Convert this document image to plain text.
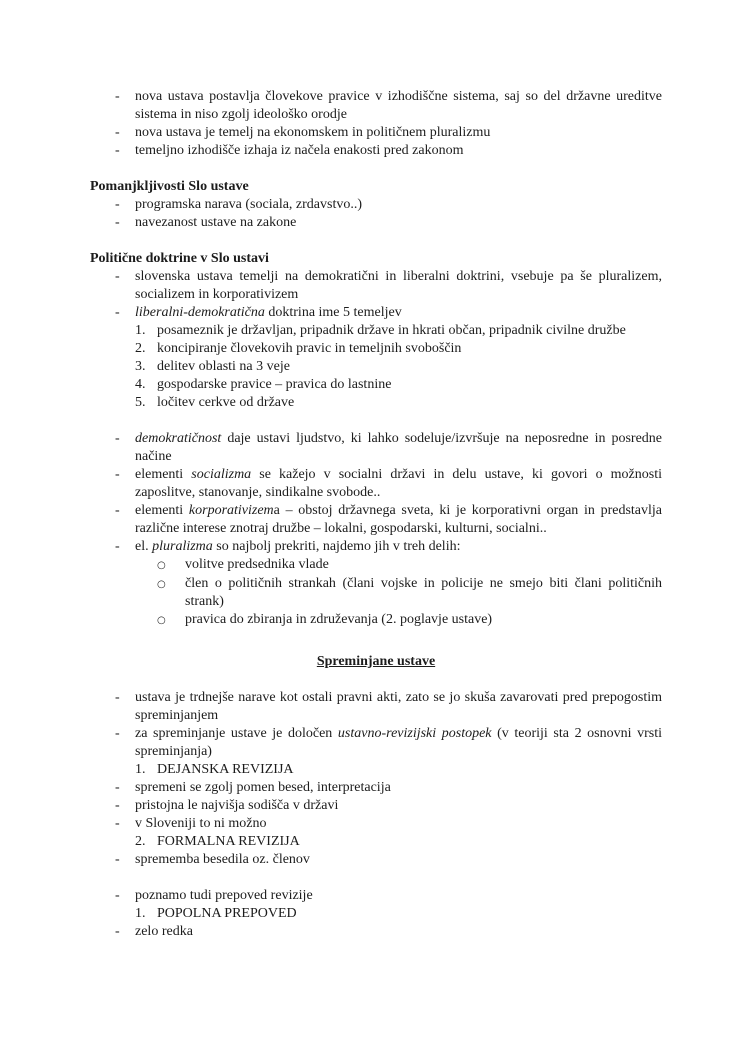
-	nova ustava postavlja človekove pravice v izhodiščne sistema, saj so del državne ureditve sistema in niso zgolj ideološko orodje
-	nova ustava je temelj na ekonomskem in političnem pluralizmu
-	temeljno izhodišče izhaja iz načela enakosti pred zakonom
Pomanjkljivosti Slo ustave
-	programska narava (sociala, zrdavstvo..)
-	navezanost ustave na zakone
Politične doktrine v Slo ustavi
-	slovenska ustava temelji na demokratični in liberalni doktrini, vsebuje pa še pluralizem, socializem in korporativizem
-	liberalni-demokratična doktrina ime 5 temeljev
1. posameznik je državljan, pripadnik države in hkrati občan, pripadnik civilne družbe
2. koncipiranje človekovih pravic in temeljnih svoboščin
3. delitev oblasti na 3 veje
4. gospodarske pravice – pravica do lastnine
5. ločitev cerkve od države
-	demokratičnost daje ustavi ljudstvo, ki lahko sodeluje/izvršuje na neposredne in posredne načine
-	elementi socializma se kažejo v socialni državi in delu ustave, ki govori o možnosti zaposlitve, stanovanje, sindikalne svobode..
-	elementi korporativizema – obstoj državnega sveta, ki je korporativni organ in predstavlja različne interese znotraj družbe – lokalni, gospodarski, kulturni, socialni..
-	el. pluralizma so najbolj prekriti, najdemo jih v treh delih:
○	volitve predsednika vlade
○	člen o političnih strankah (člani vojske in policije ne smejo biti člani političnih strank)
○	pravica do zbiranja in združevanja (2. poglavje ustave)
Spreminjane ustave
-	ustava je trdnejše narave kot ostali pravni akti, zato se jo skuša zavarovati pred prepogostim spreminjanjem
-	za spreminjanje ustave je določen ustavno-revizijski postopek (v teoriji sta 2 osnovni vrsti spreminjanja)
1. DEJANSKA REVIZIJA
-	spremeni se zgolj pomen besed, interpretacija
-	pristojna le najvišja sodišča v državi
-	v Sloveniji to ni možno
2. FORMALNA REVIZIJA
-	sprememba besedila oz. členov
-	poznamo tudi prepoved revizije
1. POPOLNA PREPOVED
-	zelo redka
